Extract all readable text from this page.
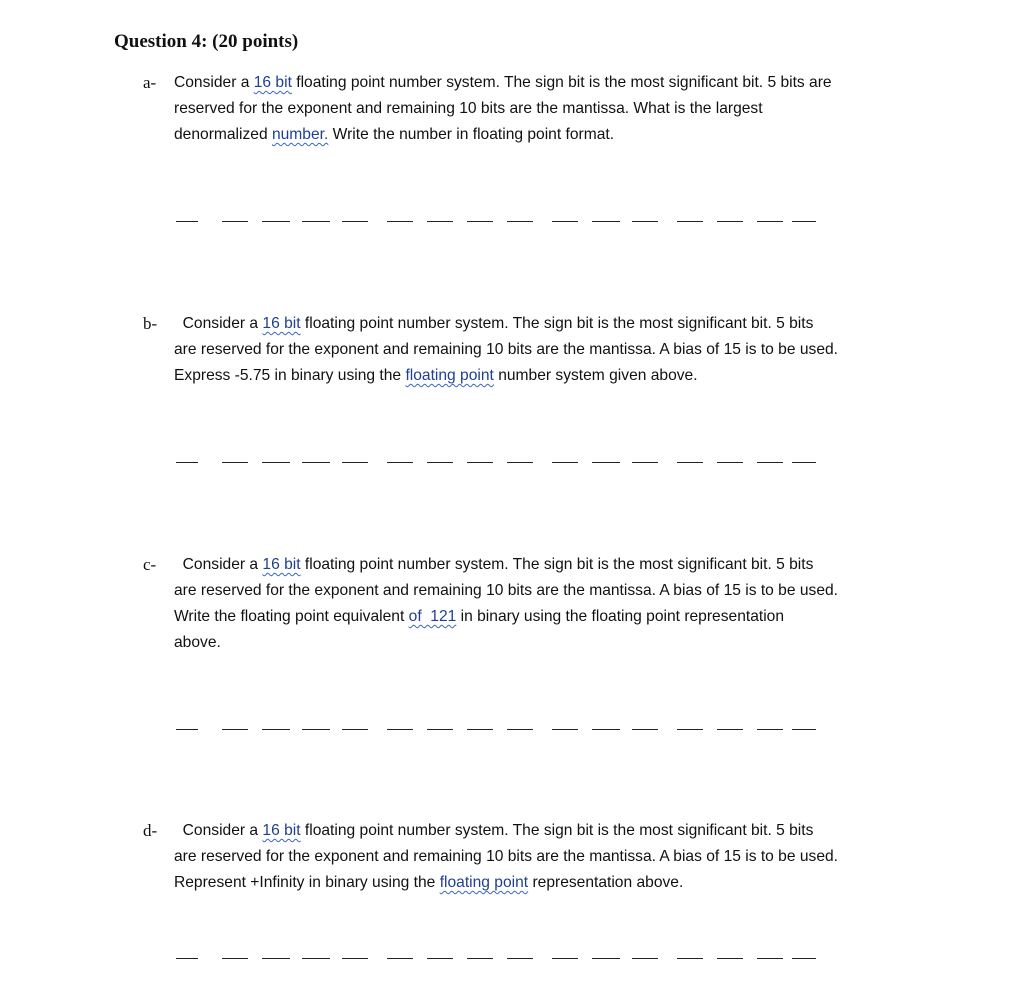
Question 4: (20 points)
a- Consider a 16 bit floating point number system. The sign bit is the most significant bit. 5 bits are
reserved for the exponent and remaining 10 bits are the mantissa. What is the largest
denormalized number. Write the number in floating point format.
b- Consider a 16 bit floating point number system. The sign bit is the most significant bit. 5 bits
are reserved for the exponent and remaining 10 bits are the mantissa. A bias of 15 is to be used.
Express -5.75 in binary using the floating point number system given above.
c- Consider a 16 bit floating point number system. The sign bit is the most significant bit. 5 bits
are reserved for the exponent and remaining 10 bits are the mantissa. A bias of 15 is to be used.
Write the floating point equivalent of  121 in binary using the floating point representation
above.
d- Consider a 16 bit floating point number system. The sign bit is the most significant bit. 5 bits
are reserved for the exponent and remaining 10 bits are the mantissa. A bias of 15 is to be used.
Represent +Infinity in binary using the floating point representation above.
